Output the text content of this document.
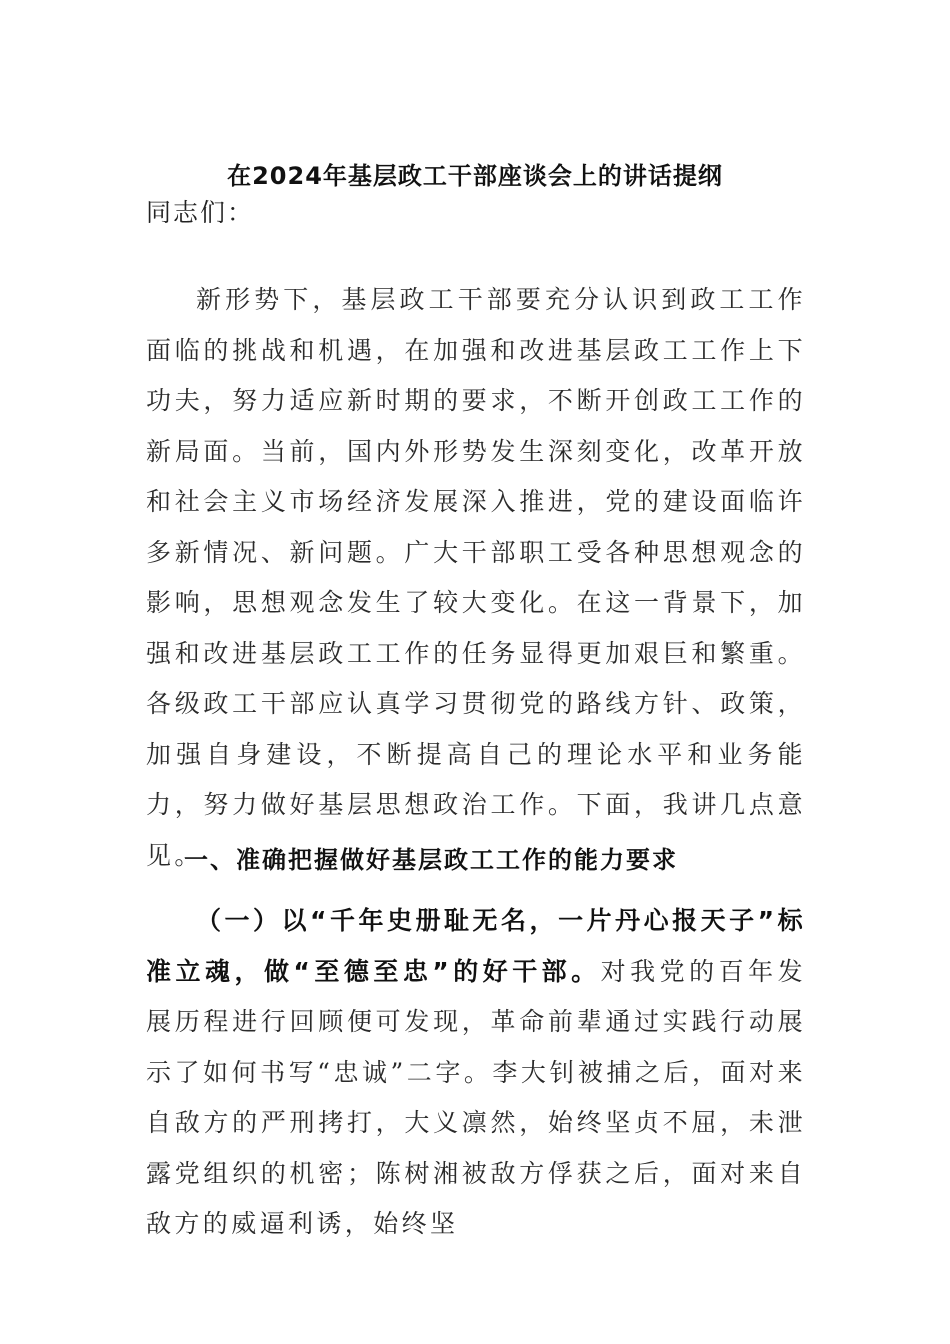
在2024年基层政工干部座谈会上的讲话提纲

同志们：

新形势下，基层政工干部要充分认识到政工工作面临的挑战和机遇，在加强和改进基层政工工作上下功夫，努力适应新时期的要求，不断开创政工工作的新局面。当前，国内外形势发生深刻变化，改革开放和社会主义市场经济发展深入推进，党的建设面临许多新情况、新问题。广大干部职工受各种思想观念的影响，思想观念发生了较大变化。在这一背景下，加强和改进基层政工工作的任务显得更加艰巨和繁重。各级政工干部应认真学习贯彻党的路线方针、政策，加强自身建设，不断提高自己的理论水平和业务能力，努力做好基层思想政治工作。下面，我讲几点意见。

一、准确把握做好基层政工工作的能力要求

（一）以“千年史册耻无名，一片丹心报天子”标准立魂，做“至德至忠”的好干部。对我党的百年发展历程进行回顾便可发现，革命前辈通过实践行动展示了如何书写“忠诚”二字。李大钊被捕之后，面对来自敌方的严刑拷打，大义凛然，始终坚贞不屈，未泄露党组织的机密；陈树湘被敌方俘获之后，面对来自敌方的威逼利诱，始终坚
